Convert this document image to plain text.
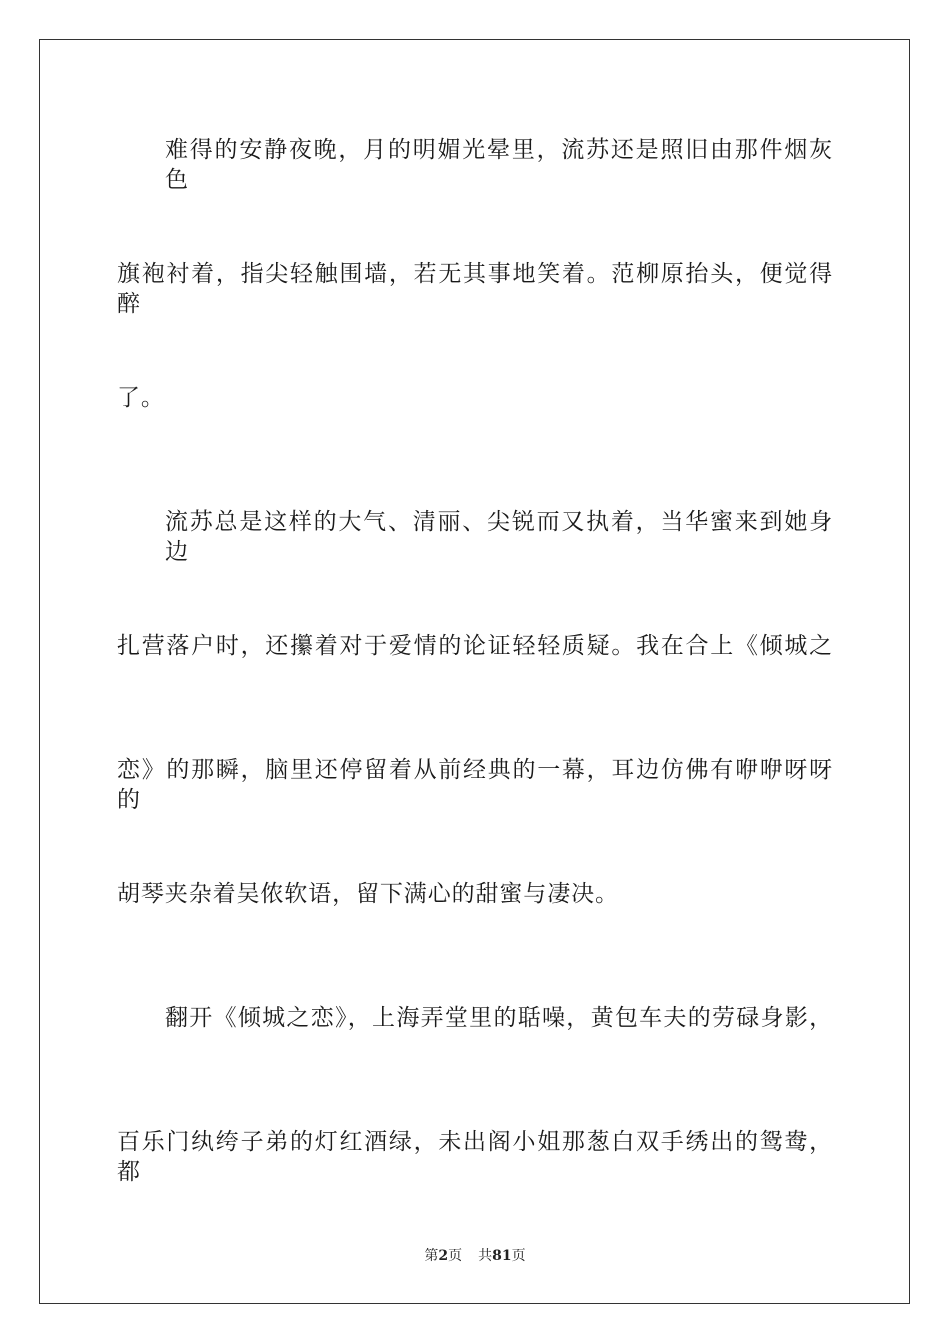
难得的安静夜晚，月的明媚光晕里，流苏还是照旧由那件烟灰色
旗袍衬着，指尖轻触围墙，若无其事地笑着。范柳原抬头，便觉得醉
了。
流苏总是这样的大气、清丽、尖锐而又执着，当华蜜来到她身边
扎营落户时，还攥着对于爱情的论证轻轻质疑。我在合上《倾城之
恋》的那瞬，脑里还停留着从前经典的一幕，耳边仿佛有咿咿呀呀的
胡琴夹杂着吴侬软语，留下满心的甜蜜与凄决。
翻开《倾城之恋》，上海弄堂里的聒噪，黄包车夫的劳碌身影，
百乐门纨绔子弟的灯红酒绿，未出阁小姐那葱白双手绣出的鸳鸯，都
第2页 共81页
